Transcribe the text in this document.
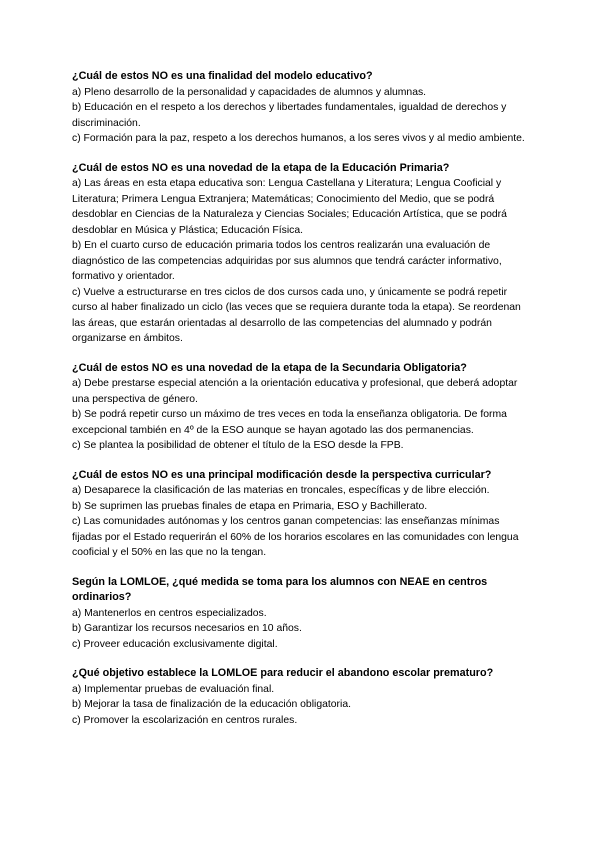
¿Cuál de estos NO es una finalidad del modelo educativo?

a) Pleno desarrollo de la personalidad y capacidades de alumnos y alumnas.

b) Educación en el respeto a los derechos y libertades fundamentales, igualdad de derechos y discriminación.

c) Formación para la paz, respeto a los derechos humanos, a los seres vivos y al medio ambiente.

¿Cuál de estos NO es una novedad de la etapa de la Educación Primaria?

a) Las áreas en esta etapa educativa son: Lengua Castellana y Literatura; Lengua Cooficial y Literatura; Primera Lengua Extranjera; Matemáticas; Conocimiento del Medio, que se podrá desdoblar en Ciencias de la Naturaleza y Ciencias Sociales; Educación Artística, que se podrá desdoblar en Música y Plástica; Educación Física.

b) En el cuarto curso de educación primaria todos los centros realizarán una evaluación de diagnóstico de las competencias adquiridas por sus alumnos que tendrá carácter informativo, formativo y orientador.

c) Vuelve a estructurarse en tres ciclos de dos cursos cada uno, y únicamente se podrá repetir curso al haber finalizado un ciclo (las veces que se requiera durante toda la etapa). Se reordenan las áreas, que estarán orientadas al desarrollo de las competencias del alumnado y podrán organizarse en ámbitos.

¿Cuál de estos NO es una novedad de la etapa de la Secundaria Obligatoria?

a) Debe prestarse especial atención a la orientación educativa y profesional, que deberá adoptar una perspectiva de género.

b) Se podrá repetir curso un máximo de tres veces en toda la enseñanza obligatoria. De forma excepcional también en 4º de la ESO aunque se hayan agotado las dos permanencias.

c) Se plantea la posibilidad de obtener el título de la ESO desde la FPB.

¿Cuál de estos NO es una principal modificación desde la perspectiva curricular?

a) Desaparece la clasificación de las materias en troncales, específicas y de libre elección.

b) Se suprimen las pruebas finales de etapa en Primaria, ESO y Bachillerato.

c) Las comunidades autónomas y los centros ganan competencias: las enseñanzas mínimas fijadas por el Estado requerirán el 60% de los horarios escolares en las comunidades con lengua cooficial y el 50% en las que no la tengan.

Según la LOMLOE, ¿qué medida se toma para los alumnos con NEAE en centros ordinarios?

a) Mantenerlos en centros especializados.

b) Garantizar los recursos necesarios en 10 años.

c) Proveer educación exclusivamente digital.

¿Qué objetivo establece la LOMLOE para reducir el abandono escolar prematuro?

a) Implementar pruebas de evaluación final.

b) Mejorar la tasa de finalización de la educación obligatoria.

c) Promover la escolarización en centros rurales.
